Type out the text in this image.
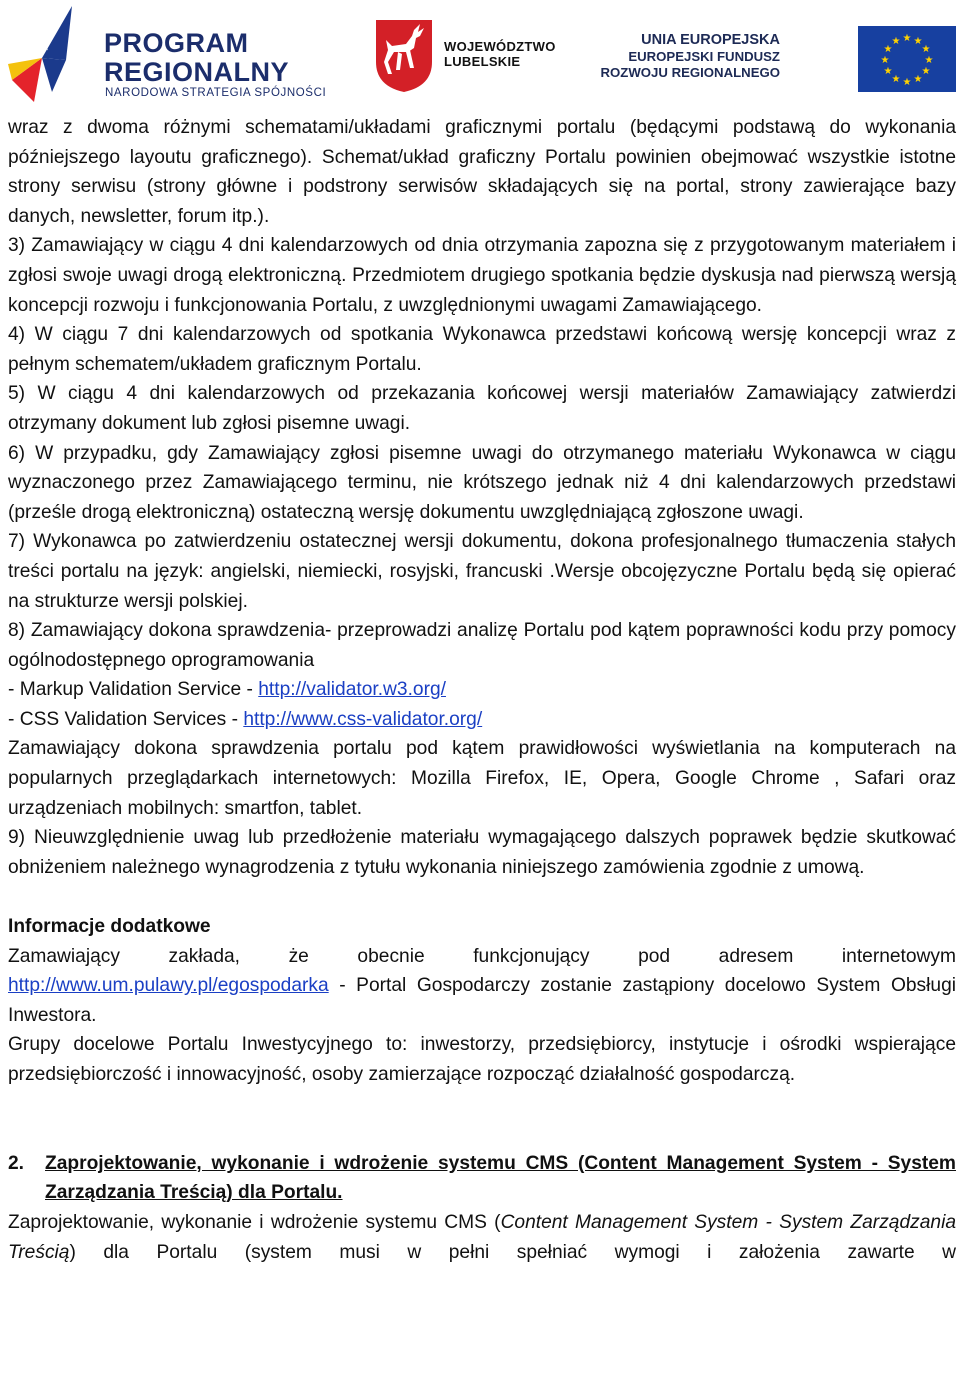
PROGRAM
REGIONALNY
NARODOWA STRATEGIA SPÓJNOŚCI
WOJEWÓDZTWO
LUBELSKIE
UNIA EUROPEJSKA
EUROPEJSKI FUNDUSZ
ROZWOJU REGIONALNEGO
★ ★
★
★
★
★
★
★
★
★
★
★

wraz z dwoma różnymi schematami/układami graficznymi portalu (będącymi podstawą do wykonania późniejszego layoutu graficznego). Schemat/układ graficzny Portalu powinien obejmować wszystkie istotne strony serwisu (strony główne i podstrony serwisów składających się na portal, strony zawierające bazy danych, newsletter, forum itp.).

3) Zamawiający w ciągu 4 dni kalendarzowych od dnia otrzymania zapozna się z przygotowanym materiałem i zgłosi swoje uwagi drogą elektroniczną. Przedmiotem drugiego spotkania będzie dyskusja nad pierwszą wersją koncepcji rozwoju i funkcjonowania Portalu, z uwzględnionymi uwagami Zamawiającego.

4) W ciągu 7 dni kalendarzowych od spotkania Wykonawca przedstawi końcową wersję koncepcji wraz z pełnym schematem/układem graficznym Portalu.

5) W ciągu 4 dni kalendarzowych od przekazania końcowej wersji materiałów Zamawiający zatwierdzi otrzymany dokument lub zgłosi pisemne uwagi.

6) W przypadku, gdy Zamawiający zgłosi pisemne uwagi do otrzymanego materiału Wykonawca w ciągu wyznaczonego przez Zamawiającego terminu, nie krótszego jednak niż 4 dni kalendarzowych przedstawi (prześle drogą elektroniczną) ostateczną wersję dokumentu uwzględniającą zgłoszone uwagi.

7) Wykonawca po zatwierdzeniu ostatecznej wersji dokumentu, dokona profesjonalnego tłumaczenia stałych treści portalu na język: angielski, niemiecki, rosyjski, francuski .Wersje obcojęzyczne Portalu będą się opierać na strukturze wersji polskiej.

8) Zamawiający dokona sprawdzenia- przeprowadzi analizę Portalu pod kątem poprawności kodu przy pomocy ogólnodostępnego oprogramowania

- Markup Validation Service - http://validator.w3.org/

- CSS Validation Services - http://www.css-validator.org/

Zamawiający dokona sprawdzenia portalu pod kątem prawidłowości wyświetlania na komputerach na popularnych przeglądarkach internetowych: Mozilla Firefox, IE, Opera, Google Chrome , Safari oraz urządzeniach mobilnych: smartfon, tablet.

9) Nieuwzględnienie uwag lub przedłożenie materiału wymagającego dalszych poprawek będzie skutkować obniżeniem należnego wynagrodzenia z tytułu wykonania niniejszego zamówienia zgodnie z umową.

Informacje dodatkowe

Zamawiający zakłada, że obecnie funkcjonujący pod adresem internetowym http://www.um.pulawy.pl/egospodarka - Portal Gospodarczy zostanie zastąpiony docelowo System Obsługi Inwestora.

Grupy docelowe Portalu Inwestycyjnego to: inwestorzy, przedsiębiorcy, instytucje i ośrodki wspierające przedsiębiorczość i innowacyjność, osoby zamierzające rozpocząć działalność gospodarczą.

2. Zaprojektowanie, wykonanie i wdrożenie systemu CMS (Content Management System - System Zarządzania Treścią) dla Portalu.

Zaprojektowanie, wykonanie i wdrożenie systemu CMS (Content Management System - System Zarządzania Treścią) dla Portalu (system musi w pełni spełniać wymogi i założenia zawarte w
